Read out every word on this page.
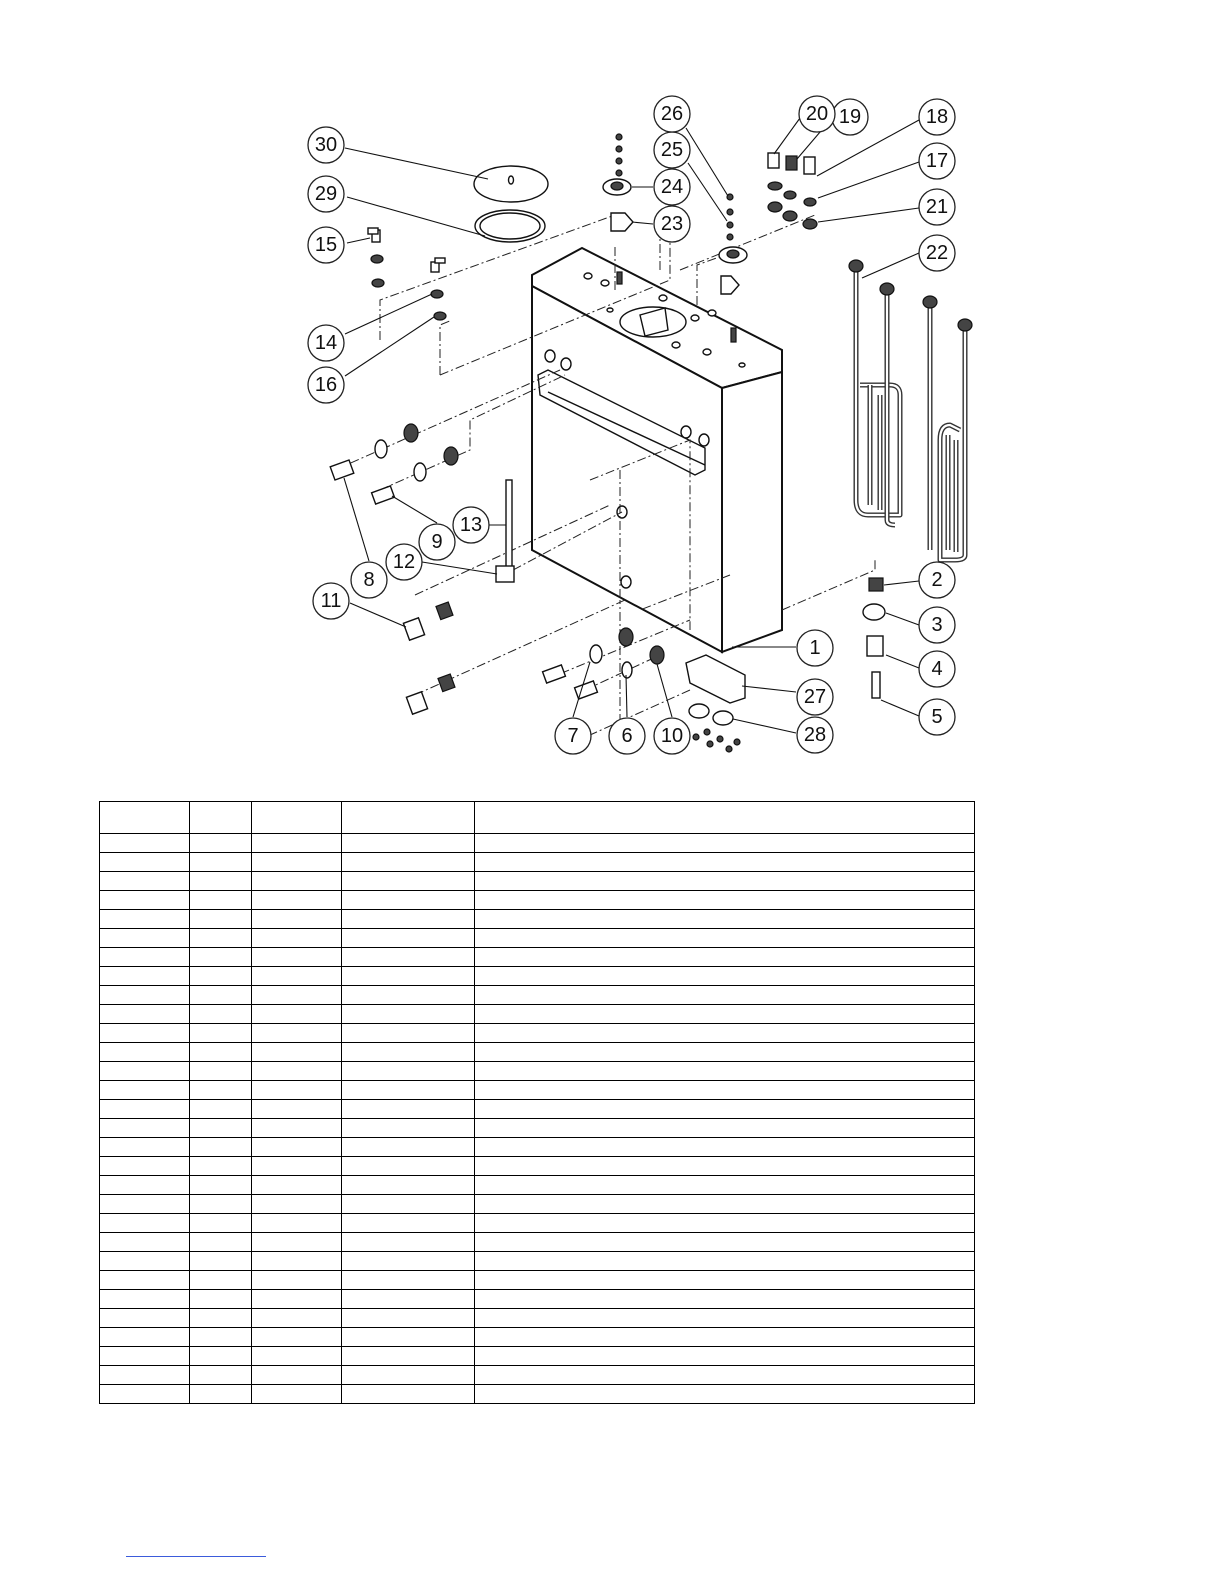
1
2
3
4
5
6
7
8
9
10
11
12
13
14
15
16
17
18
19
20
21
22
23
24
25
26
27
28
29
30
